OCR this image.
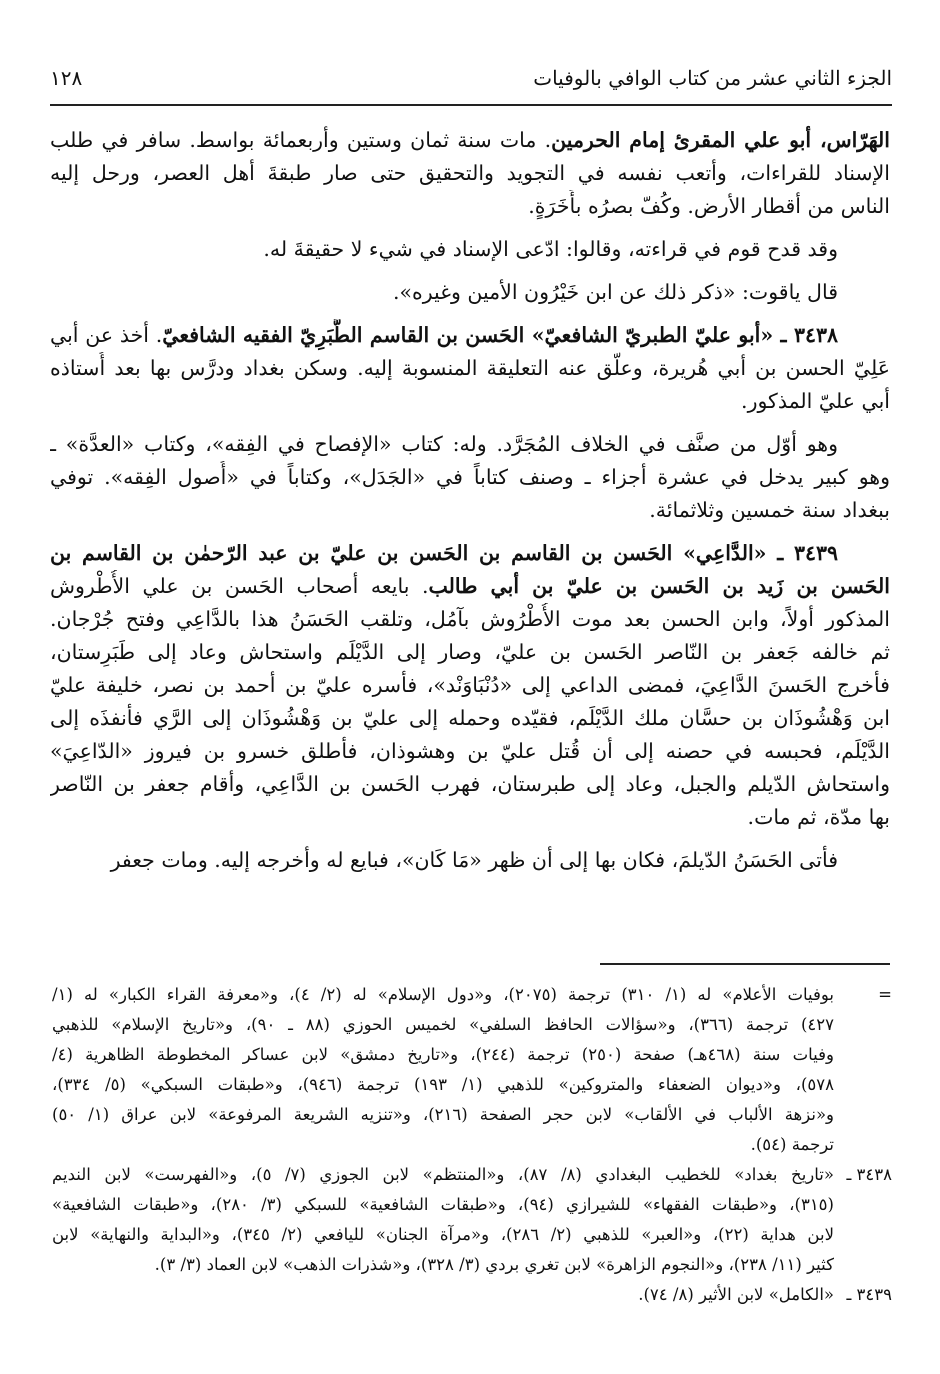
الجزء الثاني عشر من كتاب الوافي بالوفيات
١٢٨
الهَرّاس، أبو علي المقرئ إمام الحرمين. مات سنة ثمان وستين وأربعمائة بواسط. سافر في طلب
الإسناد للقراءات، وأتعب نفسه في التجويد والتحقيق حتى صار طبقةَ أهل العصر، ورحل إليه
الناس من أقطار الأرض. وكُفّ بصرُه بأَخَرَةٍ.
وقد قدح قوم في قراءته، وقالوا: ادّعى الإسناد في شيء لا حقيقةَ له.
قال ياقوت: «ذكر ذلك عن ابن خَيْرُون الأمين وغيره».
٣٤٣٨ ـ «أبو عليّ الطبريّ الشافعيّ» الحَسن بن القاسم الطَّبَرِيّ الفقيه الشافعيّ. أخذ عن أبي
عَلِيّ الحسن بن أبي هُريرة، وعلّق عنه التعليقة المنسوبة إليه. وسكن بغداد ودرَّس بها بعد أُستاذه
أبي عليّ المذكور.
وهو أوّل من صنَّف في الخلاف المُجَرَّد. وله: كتاب «الإفصاح في الفِقه»، وكتاب «العدَّة» ـ
وهو كبير يدخل في عشرة أجزاء ـ وصنف كتاباً في «الجَدَل»، وكتاباً في «أُصول الفِقه». توفي
ببغداد سنة خمسين وثلاثمائة.
٣٤٣٩ ـ «الدَّاعِي» الحَسن بن القاسم بن الحَسن بن عليّ بن عبد الرّحمٰن بن القاسم بن
الحَسن بن زَيد بن الحَسن بن عليّ بن أبي طالب. بايعه أصحاب الحَسن بن علي الأُطْروش
المذكور أولاً، وابن الحسن بعد موت الأُطْرُوش بآمُل، وتلقب الحَسَنُ هذا بالدَّاعِي وفتح جُرْجان.
ثم خالفه جَعفر بن النّاصر الحَسن بن عليّ، وصار إلى الدَّيْلَم واستحاش وعاد إلى طَبَرِستان،
فأخرج الحَسنَ الدَّاعِيَ، فمضى الداعي إلى «دُنْبَاوَنْد»، فأسره عليّ بن أحمد بن نصر، خليفة عليّ
ابن وَهْشُوذَان بن حسَّان ملك الدَّيْلَم، فقيّده وحمله إلى عليّ بن وَهْشُوذَان إلى الرَّي فأنفذَه إلى
الدَّيْلَم، فحبسه في حصنه إلى أن قُتل عليّ بن وهشوذان، فأطلق خسرو بن فيروز «الدّاعِيَ»
واستحاش الدّيلم والجبل، وعاد إلى طبرستان، فهرب الحَسن بن الدَّاعِي، وأقام جعفر بن النّاصر
بها مدّة، ثم مات.
فأتى الحَسَنُ الدّيلمَ، فكان بها إلى أن ظهر «مَا كَان»، فبايع له وأخرجه إليه. ومات جعفر
=
بوفيات الأعلام» له (١/ ٣١٠) ترجمة (٢٠٧٥)، و«دول الإسلام» له (٢/ ٤)، و«معرفة القراء الكبار» له (١/
٤٢٧) ترجمة (٣٦٦)، و«سؤالات الحافظ السلفي» لخميس الحوزي (٨٨ ـ ٩٠)، و«تاريخ الإسلام» للذهبي
وفيات سنة (٤٦٨هـ) صفحة (٢٥٠) ترجمة (٢٤٤)، و«تاريخ دمشق» لابن عساكر المخطوطة الظاهرية (٤/
٥٧٨)، و«ديوان الضعفاء والمتروكين» للذهبي (١/ ١٩٣) ترجمة (٩٤٦)، و«طبقات السبكي» (٥/ ٣٣٤)،
و«نزهة الألباب في الألقاب» لابن حجر الصفحة (٢١٦)، و«تنزيه الشريعة المرفوعة» لابن عراق (١/ ٥٠)
ترجمة (٥٤).
٣٤٣٨ ـ
«تاريخ بغداد» للخطيب البغدادي (٨/ ٨٧)، و«المنتظم» لابن الجوزي (٧/ ٥)، و«الفهرست» لابن النديم
(٣١٥)، و«طبقات الفقهاء» للشيرازي (٩٤)، و«طبقات الشافعية» للسبكي (٣/ ٢٨٠)، و«طبقات الشافعية»
لابن هداية (٢٢)، و«العبر» للذهبي (٢/ ٢٨٦)، و«مرآة الجنان» لليافعي (٢/ ٣٤٥)، و«البداية والنهاية» لابن
كثير (١١/ ٢٣٨)، و«النجوم الزاهرة» لابن تغري بردي (٣/ ٣٢٨)، و«شذرات الذهب» لابن العماد (٣/ ٣).
٣٤٣٩ ـ
«الكامل» لابن الأثير (٨/ ٧٤).
